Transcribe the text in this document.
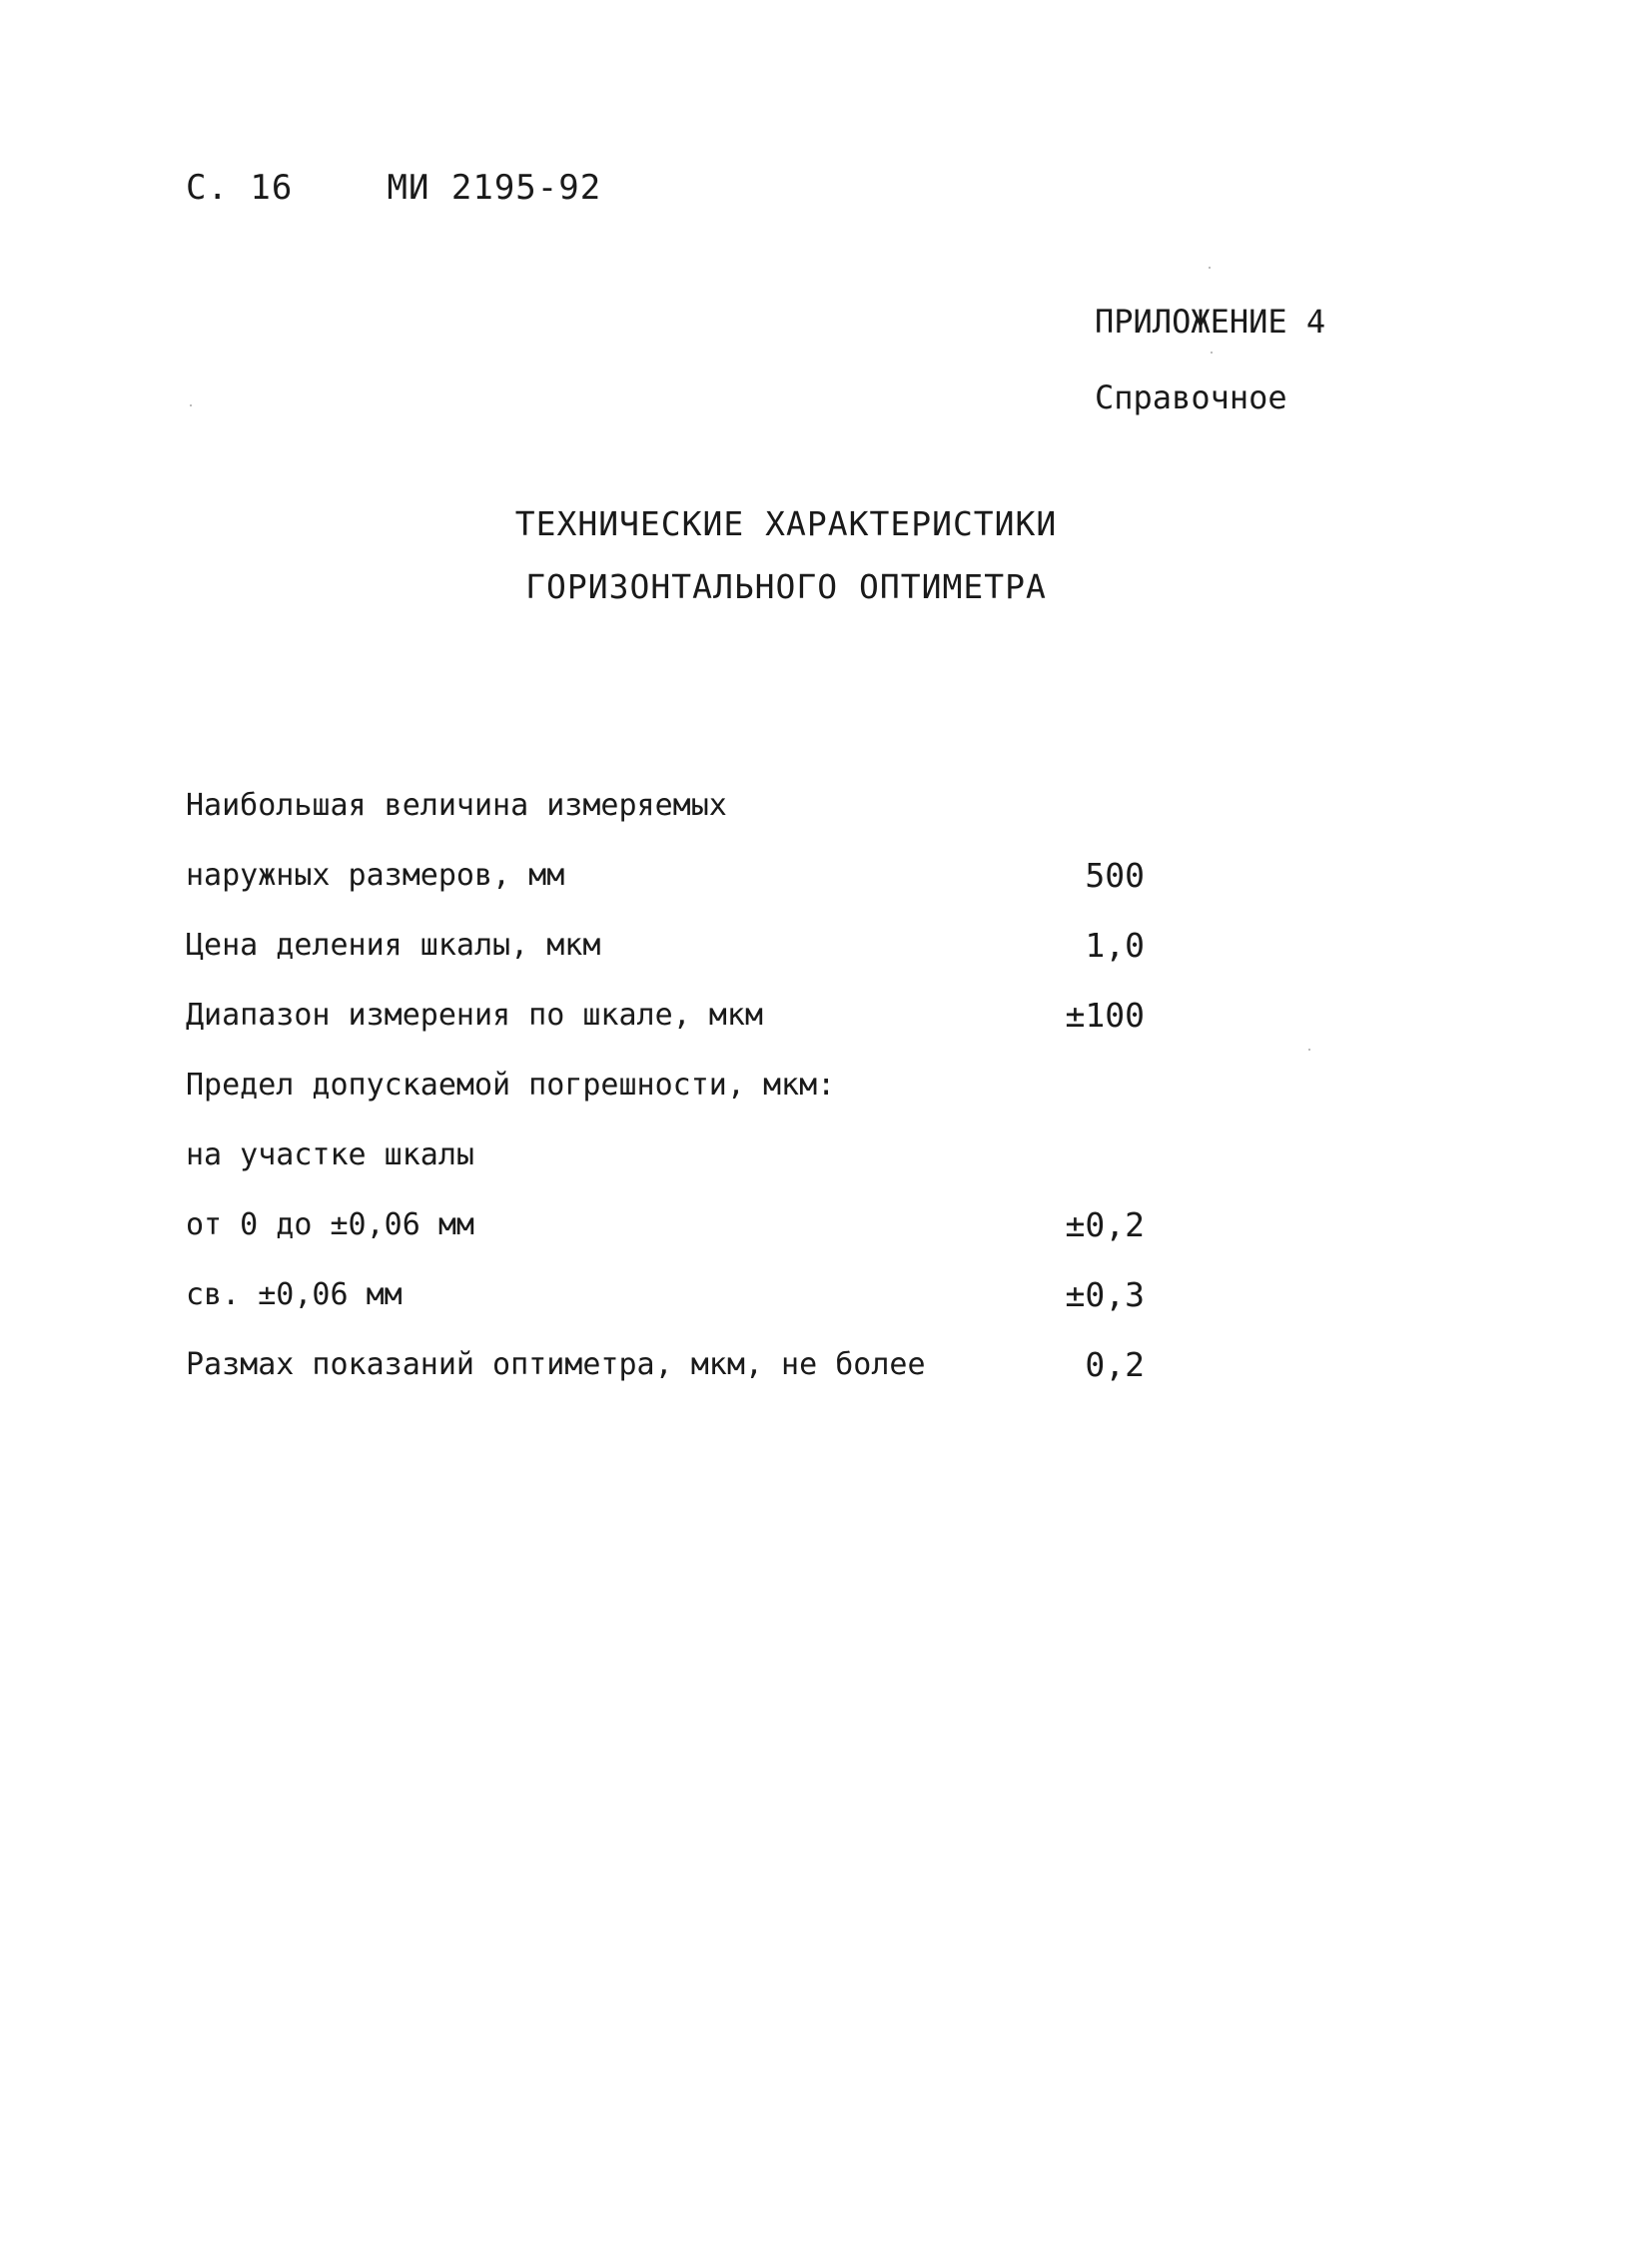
С. 16	МИ 2195-92
ПРИЛОЖЕНИЕ 4
Справочное
ТЕХНИЧЕСКИЕ ХАРАКТЕРИСТИКИ
ГОРИЗОНТАЛЬНОГО ОПТИМЕТРА
Наибольшая величина измеряемых
наружных размеров, мм	500
Цена деления шкалы, мкм	1,0
Диапазон измерения по шкале, мкм	±100
Предел допускаемой погрешности, мкм:
на участке шкалы
от 0 до ±0,06 мм	±0,2
св. ±0,06 мм	±0,3
Размах показаний оптиметра, мкм, не более	0,2
